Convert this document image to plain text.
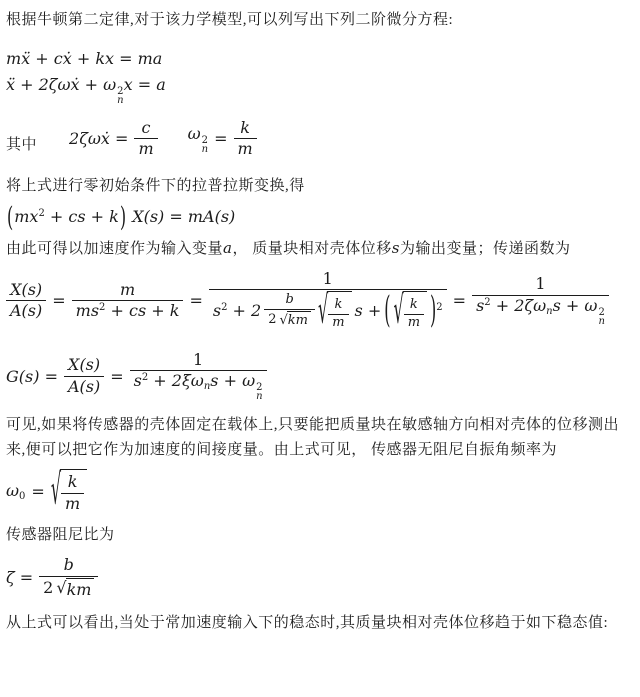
根据牛顿第二定律,对于该力学模型,可以列写出下列二阶微分方程:

mẍ + cẋ + kx = ma
ẍ + 2ζωẋ + ω 2
n
x = a
其中 2ζωẋ = $\frac{c}{m}$ ω 2
n
= $\frac{k}{m}$

将上式进行零初始条件下的拉普拉斯变换,得

($mx^2$ + cs + k) X(s) = mA(s)

由此可得以加速度作为输入变量a， 质量块相对壳体位移s为输出变量；传递函数为

$\frac{X(s)}{A(s)} = \frac{m}{ms^2 + cs + k}$ =
1
$s^2 + 2 \frac{b}{2 √ km}$ √ $\frac{k}{m}$ s + ( √ $\frac{k}{m} )^2 = 1$
$s^2 + 2\zeta\omega_ns + \omega$ 2
n
$G(s) = \frac{X(s)}{A(s)} = 1$
$s^2 + 2\xi\omega_ns + \omega$ 2
n

可见,如果将传感器的壳体固定在载体上,只要能把质量块在敏感轴方向相对壳体的位移测出来,便可以把它作为加速度的间接度量。由上式可见， 传感器无阻尼自振角频率为

$\omega_0$ = √ $\frac{k}{m}$

传感器阻尼比为

$\zeta = \frac{b}{2 √ km}$

从上式可以看出,当处于常加速度输入下的稳态时,其质量块相对壳体位移趋于如下稳态值:
